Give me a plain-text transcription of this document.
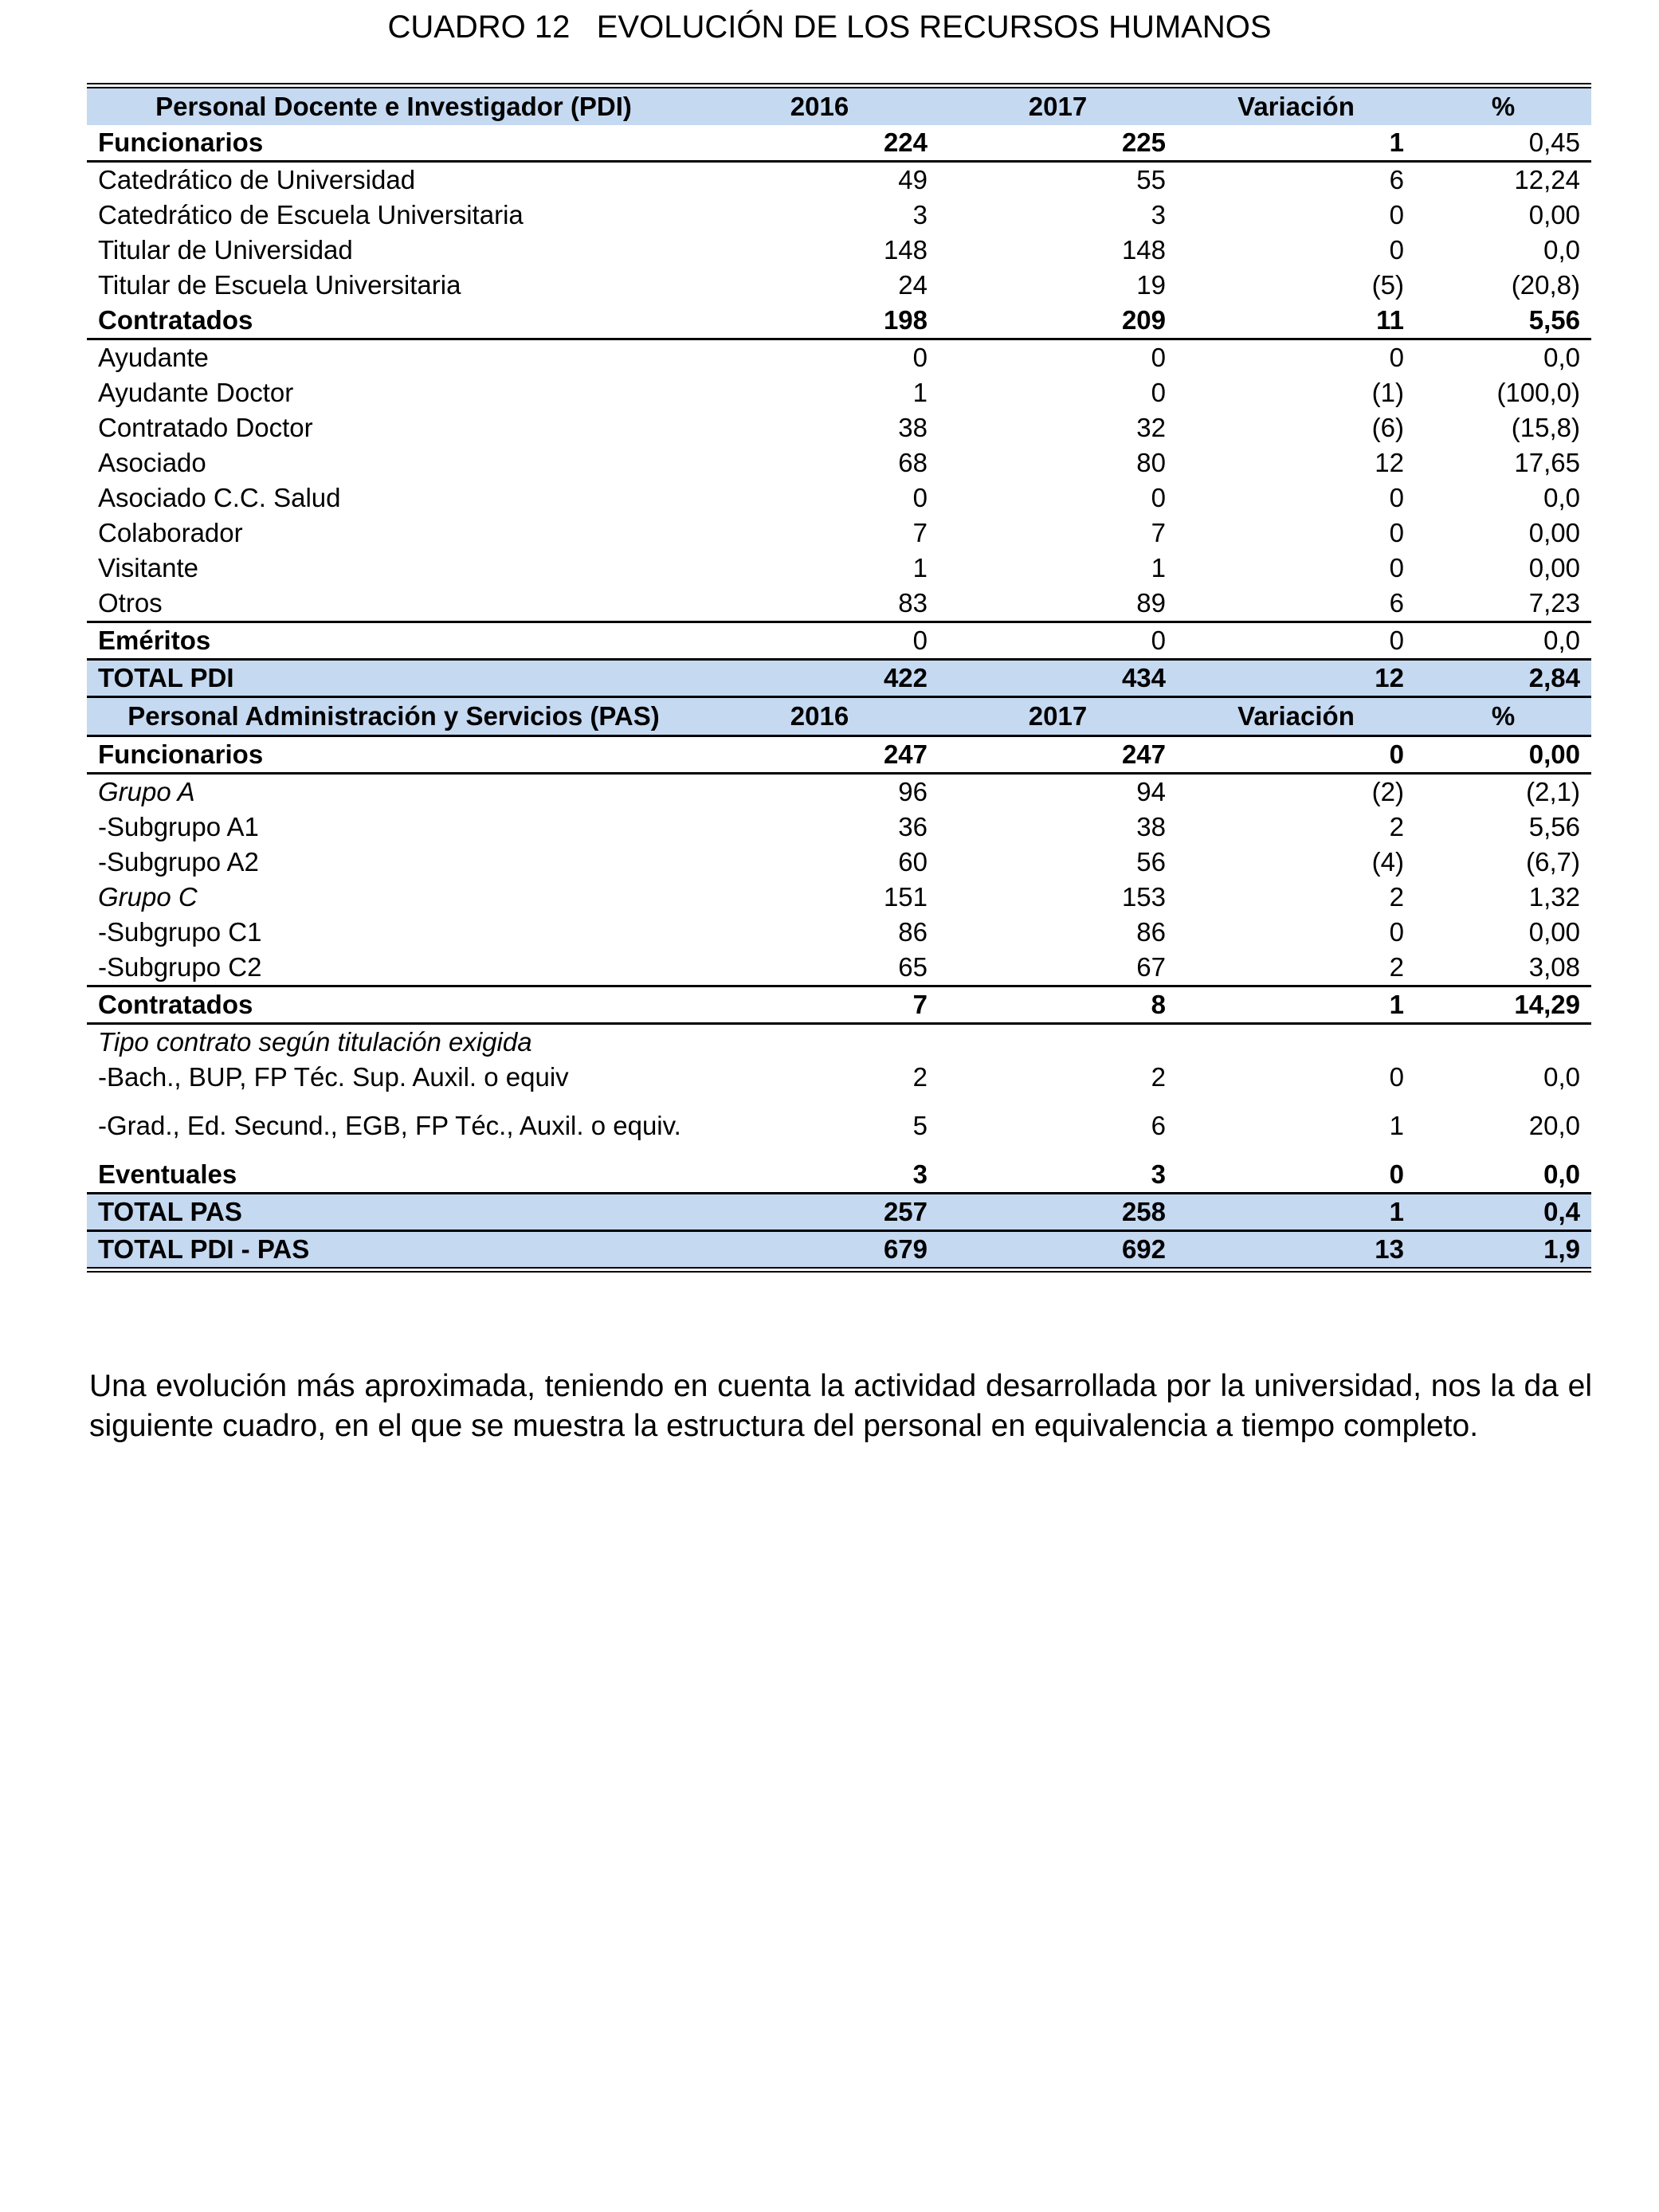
CUADRO 12   EVOLUCIÓN DE LOS RECURSOS HUMANOS
Personal Docente e Investigador (PDI)	2016	2017	Variación	%
Funcionarios	224	225	1	0,45
Catedrático de Universidad	49	55	6	12,24
Catedrático de Escuela Universitaria	3	3	0	0,00
Titular de Universidad	148	148	0	0,0
Titular de Escuela Universitaria	24	19	(5)	(20,8)
Contratados	198	209	11	5,56
Ayudante	0	0	0	0,0
Ayudante Doctor	1	0	(1)	(100,0)
Contratado Doctor	38	32	(6)	(15,8)
Asociado	68	80	12	17,65
Asociado C.C. Salud	0	0	0	0,0
Colaborador	7	7	0	0,00
Visitante	1	1	0	0,00
Otros	83	89	6	7,23
Eméritos	0	0	0	0,0
TOTAL PDI	422	434	12	2,84
Personal Administración y Servicios (PAS)	2016	2017	Variación	%
Funcionarios	247	247	0	0,00
Grupo A	96	94	(2)	(2,1)
-Subgrupo A1	36	38	2	5,56
-Subgrupo A2	60	56	(4)	(6,7)
Grupo C	151	153	2	1,32
-Subgrupo C1	86	86	0	0,00
-Subgrupo C2	65	67	2	3,08
Contratados	7	8	1	14,29
Tipo contrato según titulación exigida				
-Bach., BUP, FP Téc. Sup. Auxil. o equiv	2	2	0	0,0
-Grad., Ed. Secund., EGB, FP Téc., Auxil. o equiv.	5	6	1	20,0
Eventuales	3	3	0	0,0
TOTAL PAS	257	258	1	0,4
TOTAL PDI - PAS	679	692	13	1,9

Una evolución más aproximada, teniendo en cuenta la actividad desarrollada por la universidad, nos la da el siguiente cuadro, en el que se muestra la estructura del personal en equivalencia a tiempo completo.
